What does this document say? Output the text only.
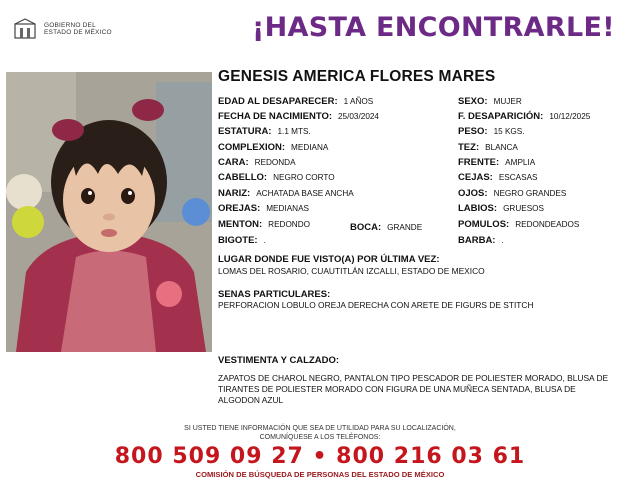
GOBIERNO DEL
ESTADO DE MÉXICO	¡HASTA ENCONTRARLE!
GENESIS AMERICA FLORES MARES
EDAD AL DESAPARECER: 1 AÑOS	SEXO: MUJER
FECHA DE NACIMIENTO: 25/03/2024	F. DESAPARICIÓN: 10/12/2025
ESTATURA: 1.1 MTS.	PESO: 15 KGS.
COMPLEXION: MEDIANA	TEZ: BLANCA
CARA: REDONDA	FRENTE: AMPLIA
CABELLO: NEGRO CORTO	CEJAS: ESCASAS
NARIZ: ACHATADA BASE ANCHA	OJOS: NEGRO GRANDES
OREJAS: MEDIANAS	LABIOS: GRUESOS
MENTON: REDONDO	BOCA: GRANDE	POMULOS: REDONDEADOS
BIGOTE: .	BARBA: .
LUGAR DONDE FUE VISTO(A) POR ÚLTIMA VEZ:
LOMAS DEL ROSARIO, CUAUTITLÁN IZCALLI, ESTADO DE MEXICO
SENAS PARTICULARES:
PERFORACION LOBULO OREJA DERECHA CON ARETE DE FIGURS DE STITCH
VESTIMENTA Y CALZADO:
ZAPATOS DE CHAROL NEGRO, PANTALON TIPO PESCADOR DE POLIESTER MORADO, BLUSA DE TIRANTES DE POLIESTER MORADO CON FIGURA DE UNA MUÑECA SENTADA, BLUSA DE ALGODON AZUL
SI USTED TIENE INFORMACIÓN QUE SEA DE UTILIDAD PARA SU LOCALIZACIÓN,
COMUNÍQUESE A LOS TELÉFONOS:
800 509 09 27 • 800 216 03 61
COMISIÓN DE BÚSQUEDA DE PERSONAS DEL ESTADO DE MÉXICO
